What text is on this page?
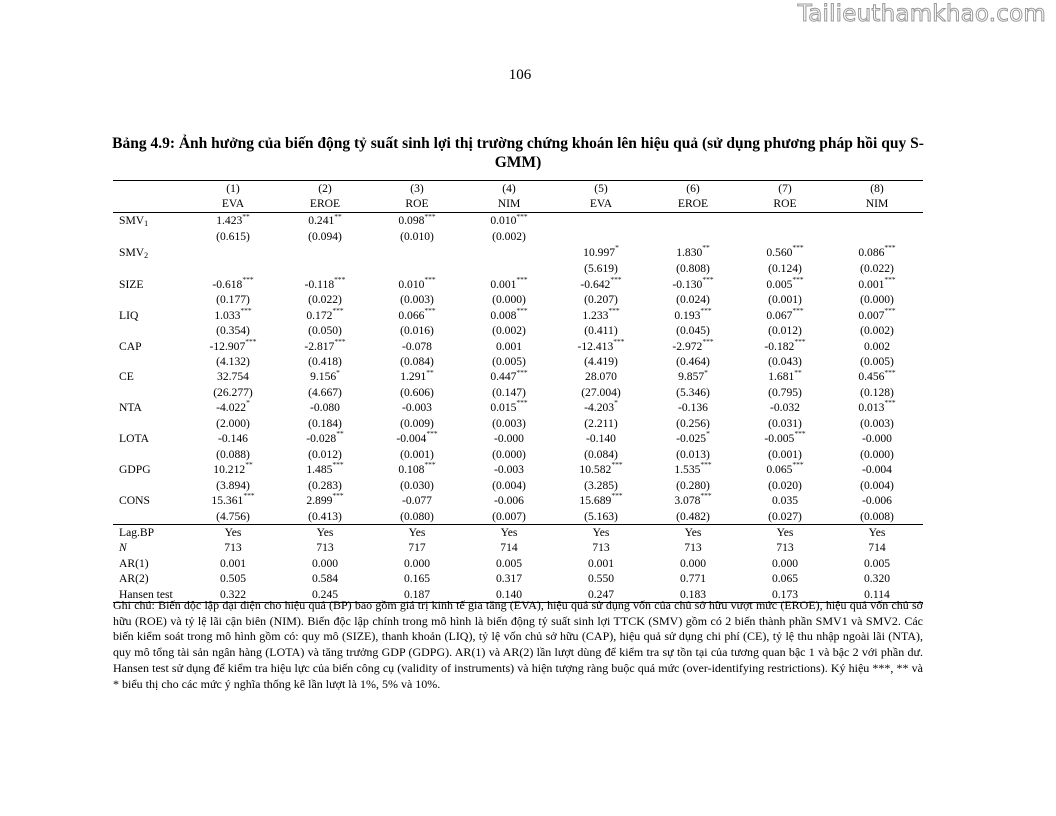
Tailieuthamkhao.com
106
Bảng 4.9: Ảnh hưởng của biến động tỷ suất sinh lợi thị trường chứng khoán lên hiệu quả (sử dụng phương pháp hồi quy S-GMM)
	(1)	(2)	(3)	(4)	(5)	(6)	(7)	(8)
	EVA	EROE	ROE	NIM	EVA	EROE	ROE	NIM
SMV1	1.423**	0.241**	0.098***	0.010***				
	(0.615)	(0.094)	(0.010)	(0.002)				
SMV2					10.997*	1.830**	0.560***	0.086***
					(5.619)	(0.808)	(0.124)	(0.022)
SIZE	-0.618***	-0.118***	0.010***	0.001***	-0.642***	-0.130***	0.005***	0.001***
	(0.177)	(0.022)	(0.003)	(0.000)	(0.207)	(0.024)	(0.001)	(0.000)
LIQ	1.033***	0.172***	0.066***	0.008***	1.233***	0.193***	0.067***	0.007***
	(0.354)	(0.050)	(0.016)	(0.002)	(0.411)	(0.045)	(0.012)	(0.002)
CAP	-12.907***	-2.817***	-0.078	0.001	-12.413***	-2.972***	-0.182***	0.002
	(4.132)	(0.418)	(0.084)	(0.005)	(4.419)	(0.464)	(0.043)	(0.005)
CE	32.754	9.156*	1.291**	0.447***	28.070	9.857*	1.681**	0.456***
	(26.277)	(4.667)	(0.606)	(0.147)	(27.004)	(5.346)	(0.795)	(0.128)
NTA	-4.022*	-0.080	-0.003	0.015***	-4.203*	-0.136	-0.032	0.013***
	(2.000)	(0.184)	(0.009)	(0.003)	(2.211)	(0.256)	(0.031)	(0.003)
LOTA	-0.146	-0.028**	-0.004***	-0.000	-0.140	-0.025*	-0.005***	-0.000
	(0.088)	(0.012)	(0.001)	(0.000)	(0.084)	(0.013)	(0.001)	(0.000)
GDPG	10.212**	1.485***	0.108***	-0.003	10.582***	1.535***	0.065***	-0.004
	(3.894)	(0.283)	(0.030)	(0.004)	(3.285)	(0.280)	(0.020)	(0.004)
CONS	15.361***	2.899***	-0.077	-0.006	15.689***	3.078***	0.035	-0.006
	(4.756)	(0.413)	(0.080)	(0.007)	(5.163)	(0.482)	(0.027)	(0.008)
Lag.BP	Yes	Yes	Yes	Yes	Yes	Yes	Yes	Yes
N	713	713	717	714	713	713	713	714
AR(1)	0.001	0.000	0.000	0.005	0.001	0.000	0.000	0.005
AR(2)	0.505	0.584	0.165	0.317	0.550	0.771	0.065	0.320
Hansen test	0.322	0.245	0.187	0.140	0.247	0.183	0.173	0.114
Ghi chú: Biến độc lập đại diện cho hiệu quả (BP) bao gồm giá trị kinh tế gia tăng (EVA), hiệu quả sử dụng vốn của chủ sở hữu vượt mức (EROE), hiệu quả vốn chủ sở hữu (ROE) và tỷ lệ lãi cận biên (NIM). Biến độc lập chính trong mô hình là biến động tỷ suất sinh lợi TTCK (SMV) gồm có 2 biến thành phần SMV1 và SMV2. Các biến kiểm soát trong mô hình gồm có: quy mô (SIZE), thanh khoản (LIQ), tỷ lệ vốn chủ sở hữu (CAP), hiệu quả sử dụng chi phí (CE), tỷ lệ thu nhập ngoài lãi (NTA), quy mô tổng tài sản ngân hàng (LOTA) và tăng trưởng GDP (GDPG). AR(1) và AR(2) lần lượt dùng để kiểm tra sự tồn tại của tương quan bậc 1 và bậc 2 với phần dư. Hansen test sử dụng để kiểm tra hiệu lực của biến công cụ (validity of instruments) và hiện tượng ràng buộc quá mức (over-identifying restrictions). Ký hiệu ***, ** và * biểu thị cho các mức ý nghĩa thống kê lần lượt là 1%, 5% và 10%.
